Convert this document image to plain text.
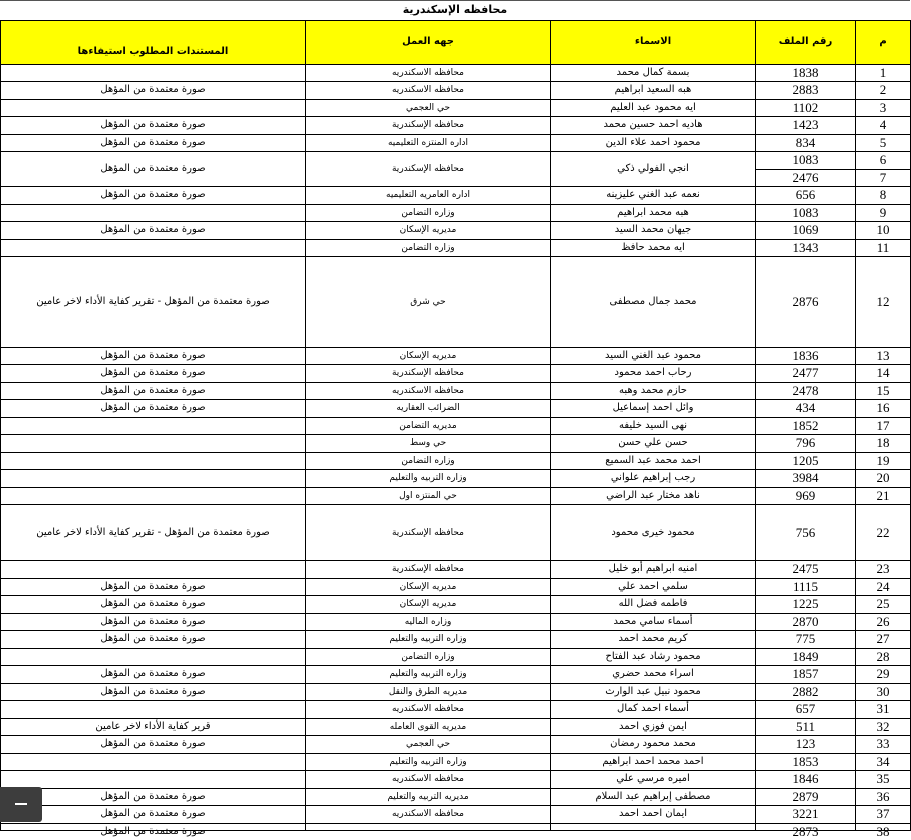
محافظه الإسكندرية
م	رقم الملف	الاسماء	جهه العمل	المستندات المطلوب استيفاءها

1	1838	بسمة كمال محمد	محافظه الاسكندريه	

2	2883	هبه السعيد ابراهيم	محافظه الاسكندريه	صورة معتمدة من المؤهل

3	1102	ايه محمود عبد العليم	حي العجمي	

4	1423	هاديه احمد حسين محمد	محافظه الإسكندرية	صورة معتمدة من المؤهل

5	834	محمود احمد علاء الدين	اداره المنتزه التعليميه	صورة معتمدة من المؤهل

6	1083	انجي الفولي ذكي	محافظه الإسكندرية	صورة معتمدة من المؤهل

7	2476			

8	656	نعمه عبد الغني عليزينه	اداره العامريه التعليميه	صورة معتمدة من المؤهل

9	1083	هبه محمد ابراهيم	وزاره التضامن	

10	1069	جيهان محمد السيد	مديريه الإسكان	صورة معتمدة من المؤهل

11	1343	ايه محمد حافظ	وزاره التضامن	

12	2876	محمد جمال مصطفى	حي شرق	صورة معتمدة من المؤهل - تقرير كفاية الأداء لاخر عامين

13	1836	محمود عبد الغني السيد	مديريه الإسكان	صورة معتمدة من المؤهل

14	2477	رحاب احمد محمود	محافظه الإسكندرية	صورة معتمدة من المؤهل

15	2478	حازم محمد وهبه	محافظه الاسكندريه	صورة معتمدة من المؤهل

16	434	وائل احمد إسماعيل	الضرائب العقاريه	صورة معتمدة من المؤهل

17	1852	نهى السيد خليفه	مديريه التضامن	

18	796	حسن علي حسن	حي وسط	

19	1205	احمد محمد عبد السميع	وزاره التضامن	

20	3984	رجب إبراهيم علواني	وزاره التربيه والتعليم	

21	969	ناهد مختار عبد الراضي	حي المنتزه اول	

22	756	محمود خيرى محمود	محافظه الإسكندرية	صورة معتمدة من المؤهل - تقرير كفاية الأداء لاخر عامين

23	2475	امنيه ابراهيم أبو خليل	محافظه الإسكندرية	

24	1115	سلمي احمد علي	مديريه الإسكان	صورة معتمدة من المؤهل

25	1225	فاطمه فضل الله	مديريه الإسكان	صورة معتمدة من المؤهل

26	2870	أسماء سامي محمد	وزاره الماليه	صورة معتمدة من المؤهل

27	775	كريم محمد احمد	وزاره التربيه والتعليم	صورة معتمدة من المؤهل

28	1849	محمود رشاد عبد الفتاح	وزاره التضامن	

29	1857	اسراء محمد حضري	وزاره التربيه والتعليم	صورة معتمدة من المؤهل

30	2882	محمود نبيل عبد الوارث	مديريه الطرق والنقل	صورة معتمدة من المؤهل

31	657	أسماء احمد كمال	محافظه الاسكندريه	

32	511	ايمن فوزي احمد	مديريه القوى العامله	قرير كفاية الأداء لاخر عامين

33	123	محمد محمود رمضان	حي العجمي	صورة معتمدة من المؤهل

34	1853	احمد محمد احمد ابراهيم	وزاره التربيه والتعليم	

35	1846	اميره مرسي علي	محافظه الاسكندريه	

36	2879	مصطفى إبراهيم عبد السلام	مديريه التربيه والتعليم	صورة معتمدة من المؤهل

37	3221	ايمان احمد احمد	محافظه الاسكندريه	صورة معتمدة من المؤهل

38	2873			صورة معتمدة من المؤهل
